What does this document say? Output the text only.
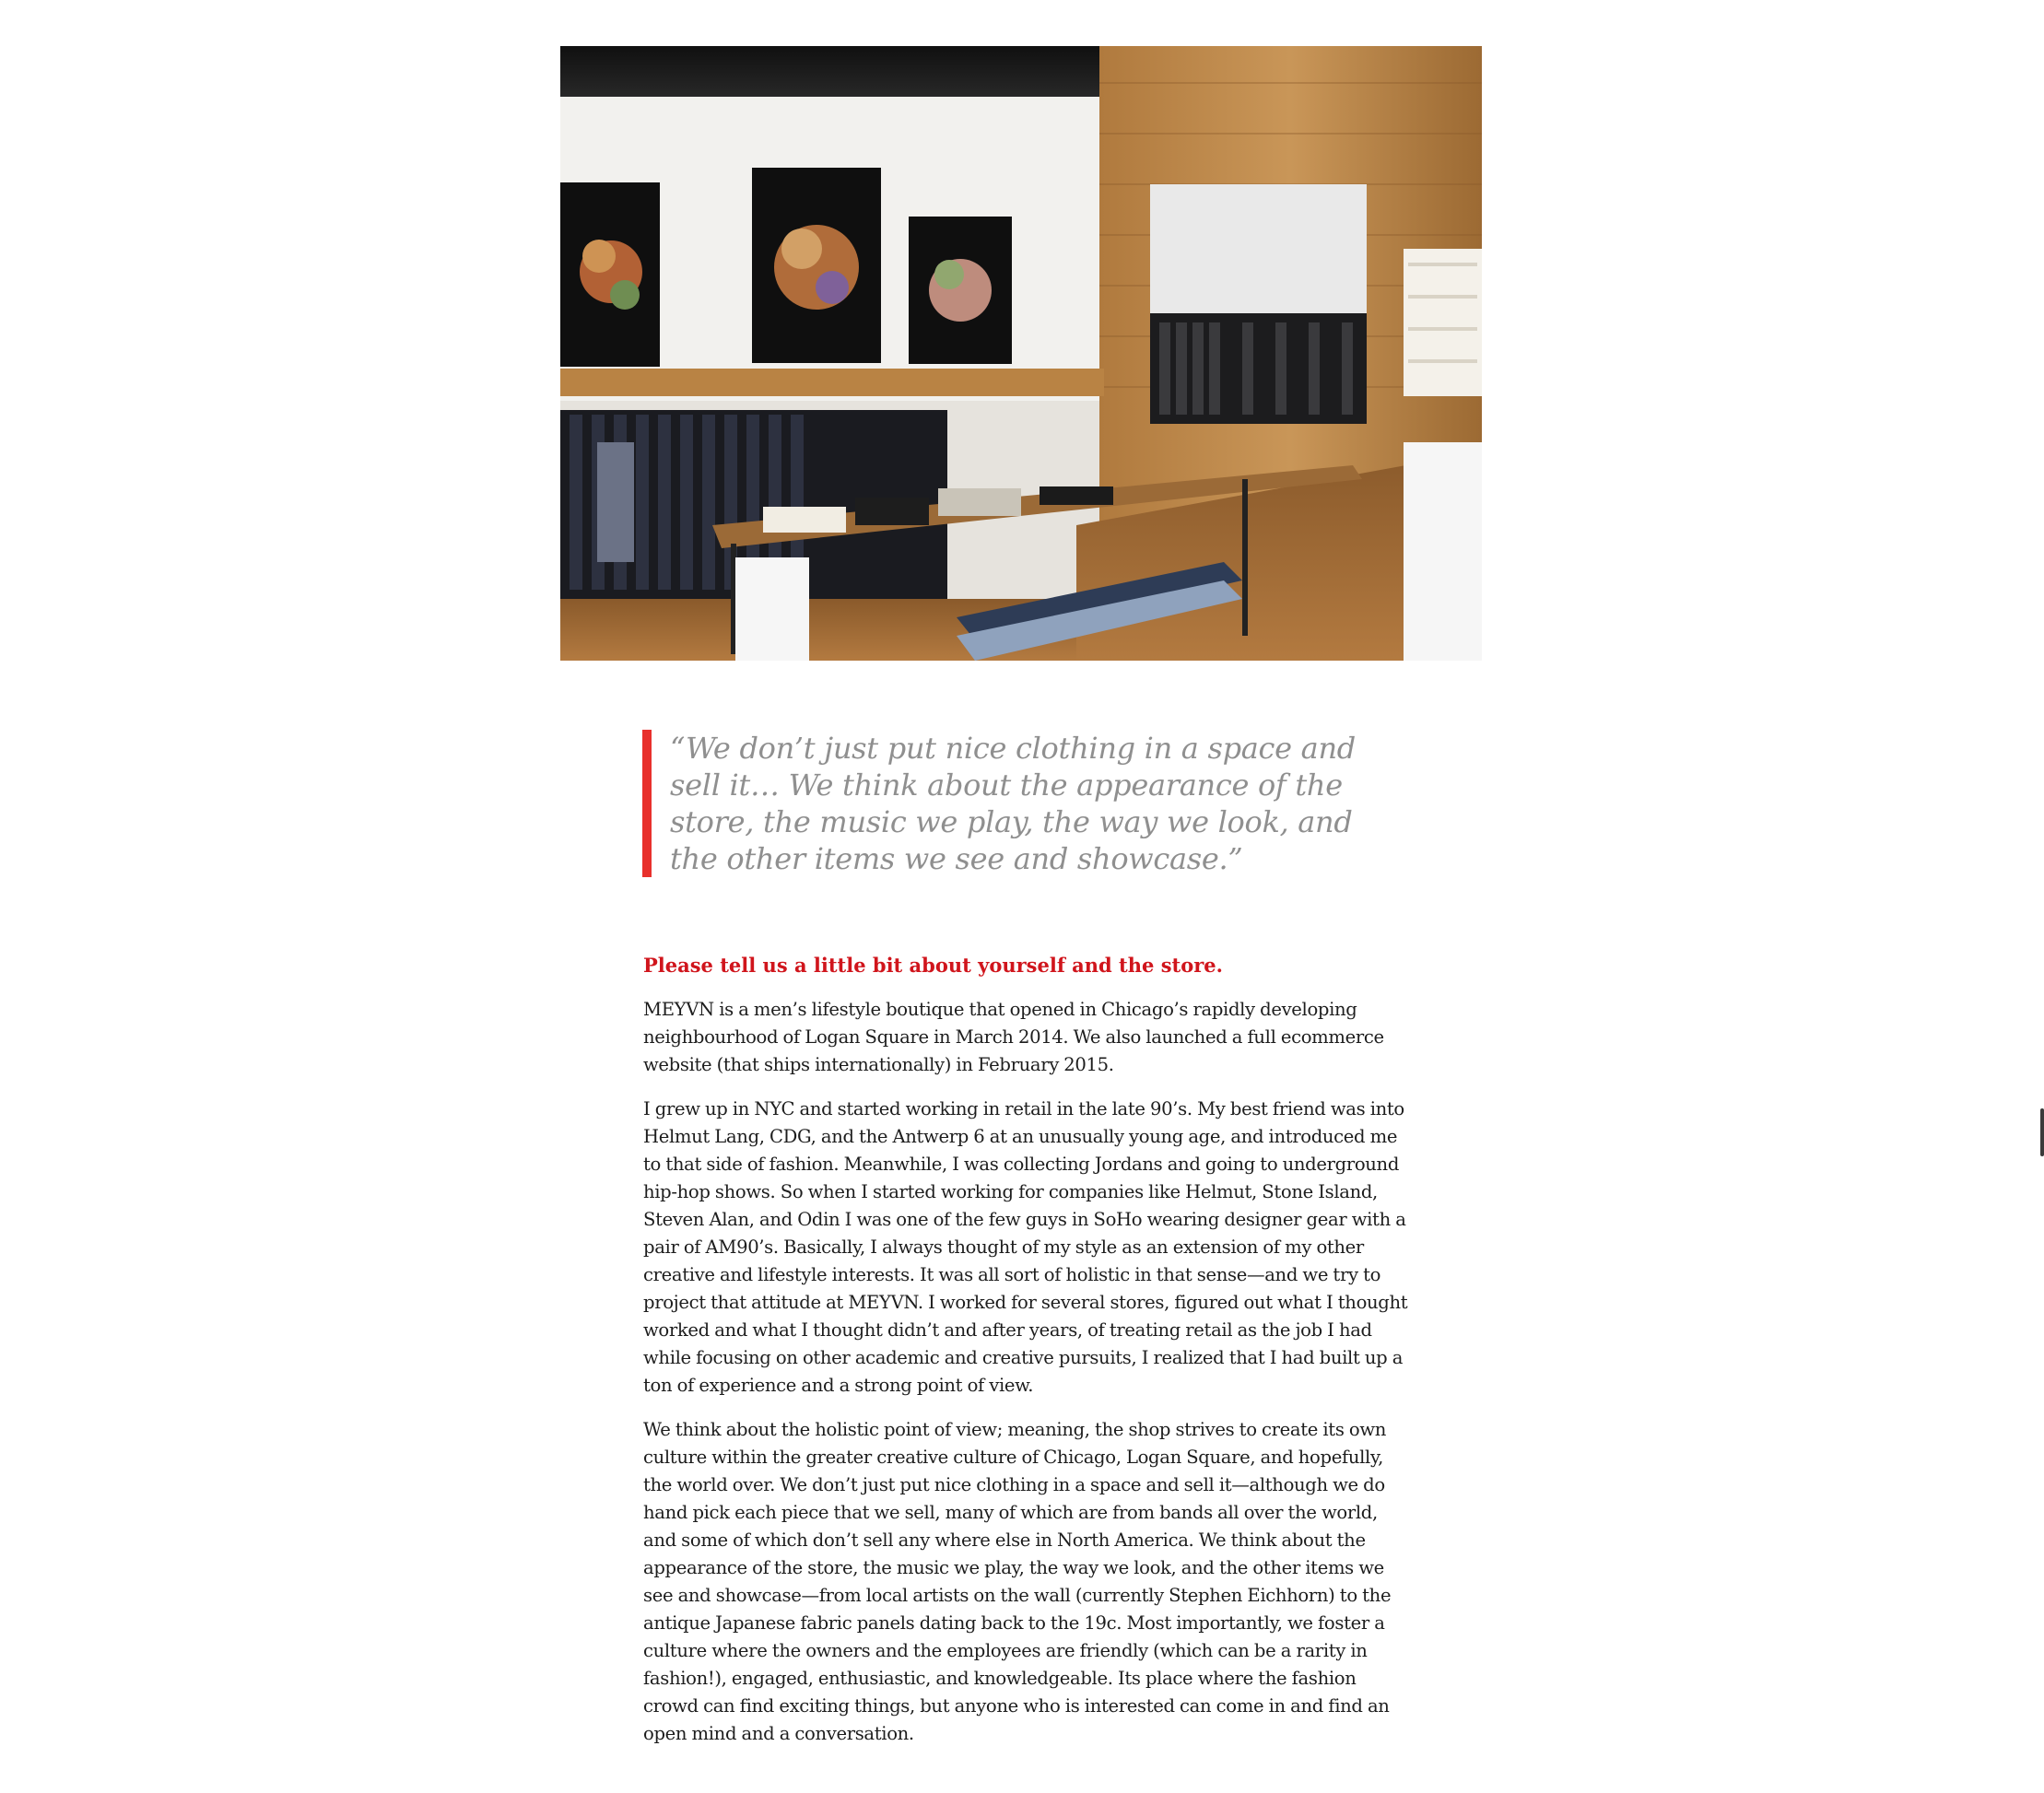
“We don’t just put nice clothing in a space and sell it… We think about the appearance of the store, the music we play, the way we look, and the other items we see and showcase.”

Please tell us a little bit about yourself and the store.

MEYVN is a men’s lifestyle boutique that opened in Chicago’s rapidly developing neighbourhood of Logan Square in March 2014. We also launched a full ecommerce website (that ships internationally) in February 2015.

I grew up in NYC and started working in retail in the late 90’s. My best friend was into Helmut Lang, CDG, and the Antwerp 6 at an unusually young age, and introduced me to that side of fashion. Meanwhile, I was collecting Jordans and going to underground hip-hop shows. So when I started working for companies like Helmut, Stone Island, Steven Alan, and Odin I was one of the few guys in SoHo wearing designer gear with a pair of AM90’s. Basically, I always thought of my style as an extension of my other creative and lifestyle interests. It was all sort of holistic in that sense—and we try to project that attitude at MEYVN. I worked for several stores, figured out what I thought worked and what I thought didn’t and after years, of treating retail as the job I had while focusing on other academic and creative pursuits, I realized that I had built up a ton of experience and a strong point of view.

We think about the holistic point of view; meaning, the shop strives to create its own culture within the greater creative culture of Chicago, Logan Square, and hopefully, the world over. We don’t just put nice clothing in a space and sell it—although we do hand pick each piece that we sell, many of which are from bands all over the world, and some of which don’t sell any where else in North America. We think about the appearance of the store, the music we play, the way we look, and the other items we see and showcase—from local artists on the wall (currently Stephen Eichhorn) to the antique Japanese fabric panels dating back to the 19c. Most importantly, we foster a culture where the owners and the employees are friendly (which can be a rarity in fashion!), engaged, enthusiastic, and knowledgeable. Its place where the fashion crowd can find exciting things, but anyone who is interested can come in and find an open mind and a conversation.
